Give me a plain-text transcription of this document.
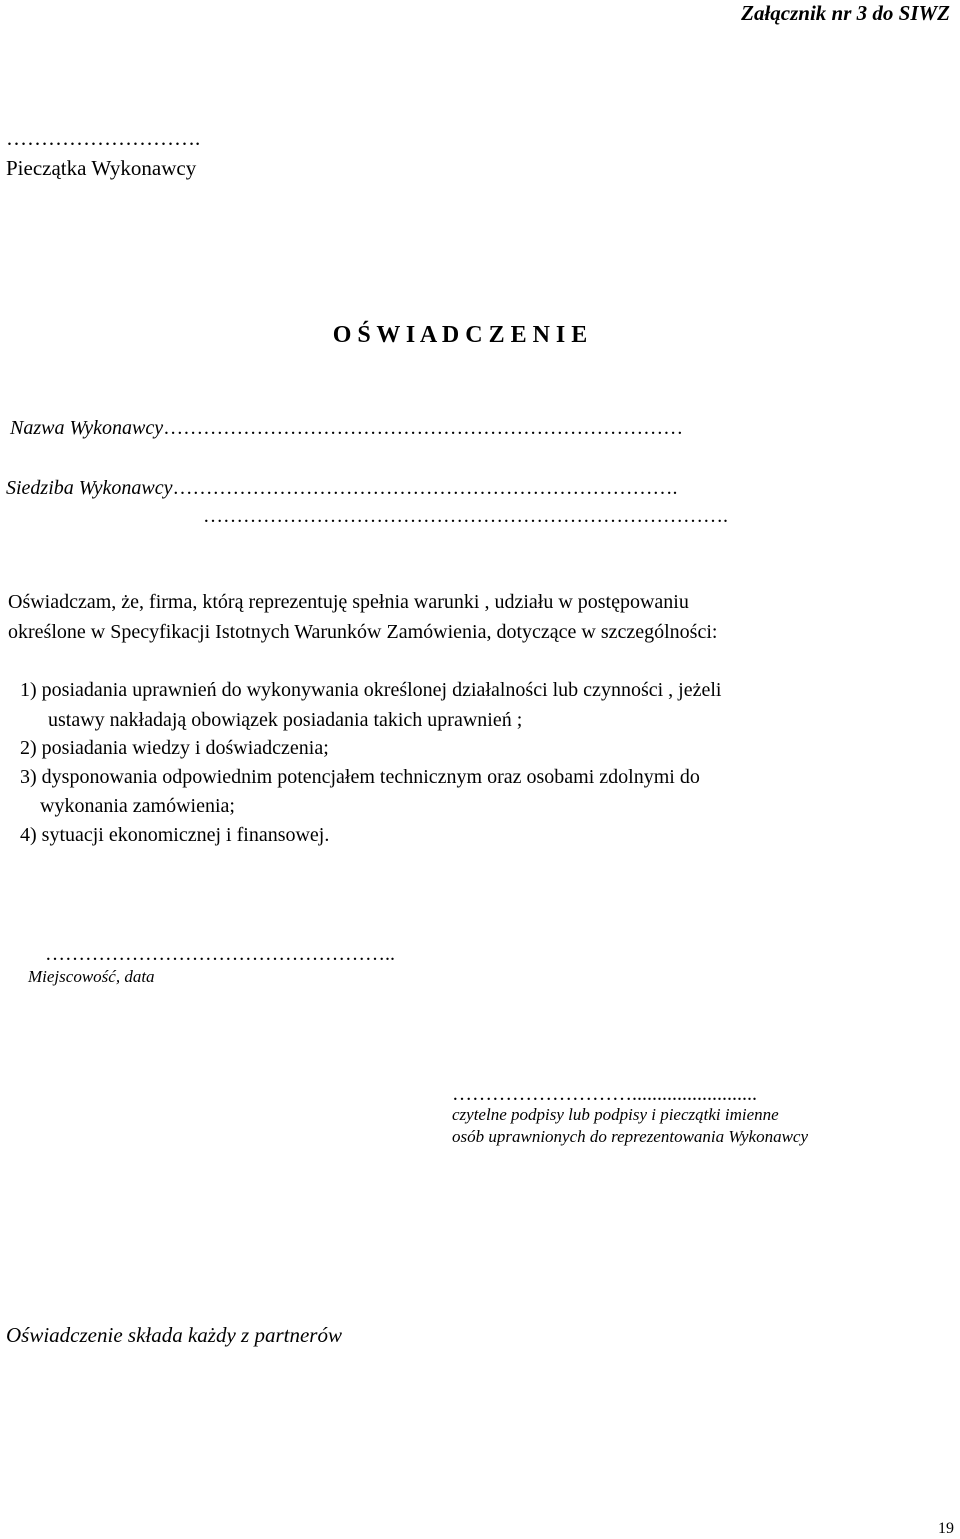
Załącznik nr 3 do SIWZ
……………………….
Pieczątka Wykonawcy
O Ś W I A D C Z E N I E
Nazwa Wykonawcy……………………………………………………………………
Siedziba Wykonawcy………………………………………………………………….
…………………………………………………………………….
Oświadczam, że, firma, którą reprezentuję spełnia warunki , udziału w postępowaniu
określone w Specyfikacji Istotnych Warunków Zamówienia, dotyczące w szczególności:
1) posiadania uprawnień do wykonywania określonej działalności lub czynności , jeżeli
ustawy nakładają obowiązek posiadania takich uprawnień ;
2) posiadania wiedzy i doświadczenia;
3) dysponowania odpowiednim potencjałem technicznym oraz osobami zdolnymi do
wykonania zamówienia;
4) sytuacji ekonomicznej i finansowej.
……………………………………………..
Miejscowość, data
……………………….........................
czytelne podpisy lub podpisy i pieczątki imienne
osób uprawnionych do reprezentowania Wykonawcy
Oświadczenie składa każdy z partnerów
19
